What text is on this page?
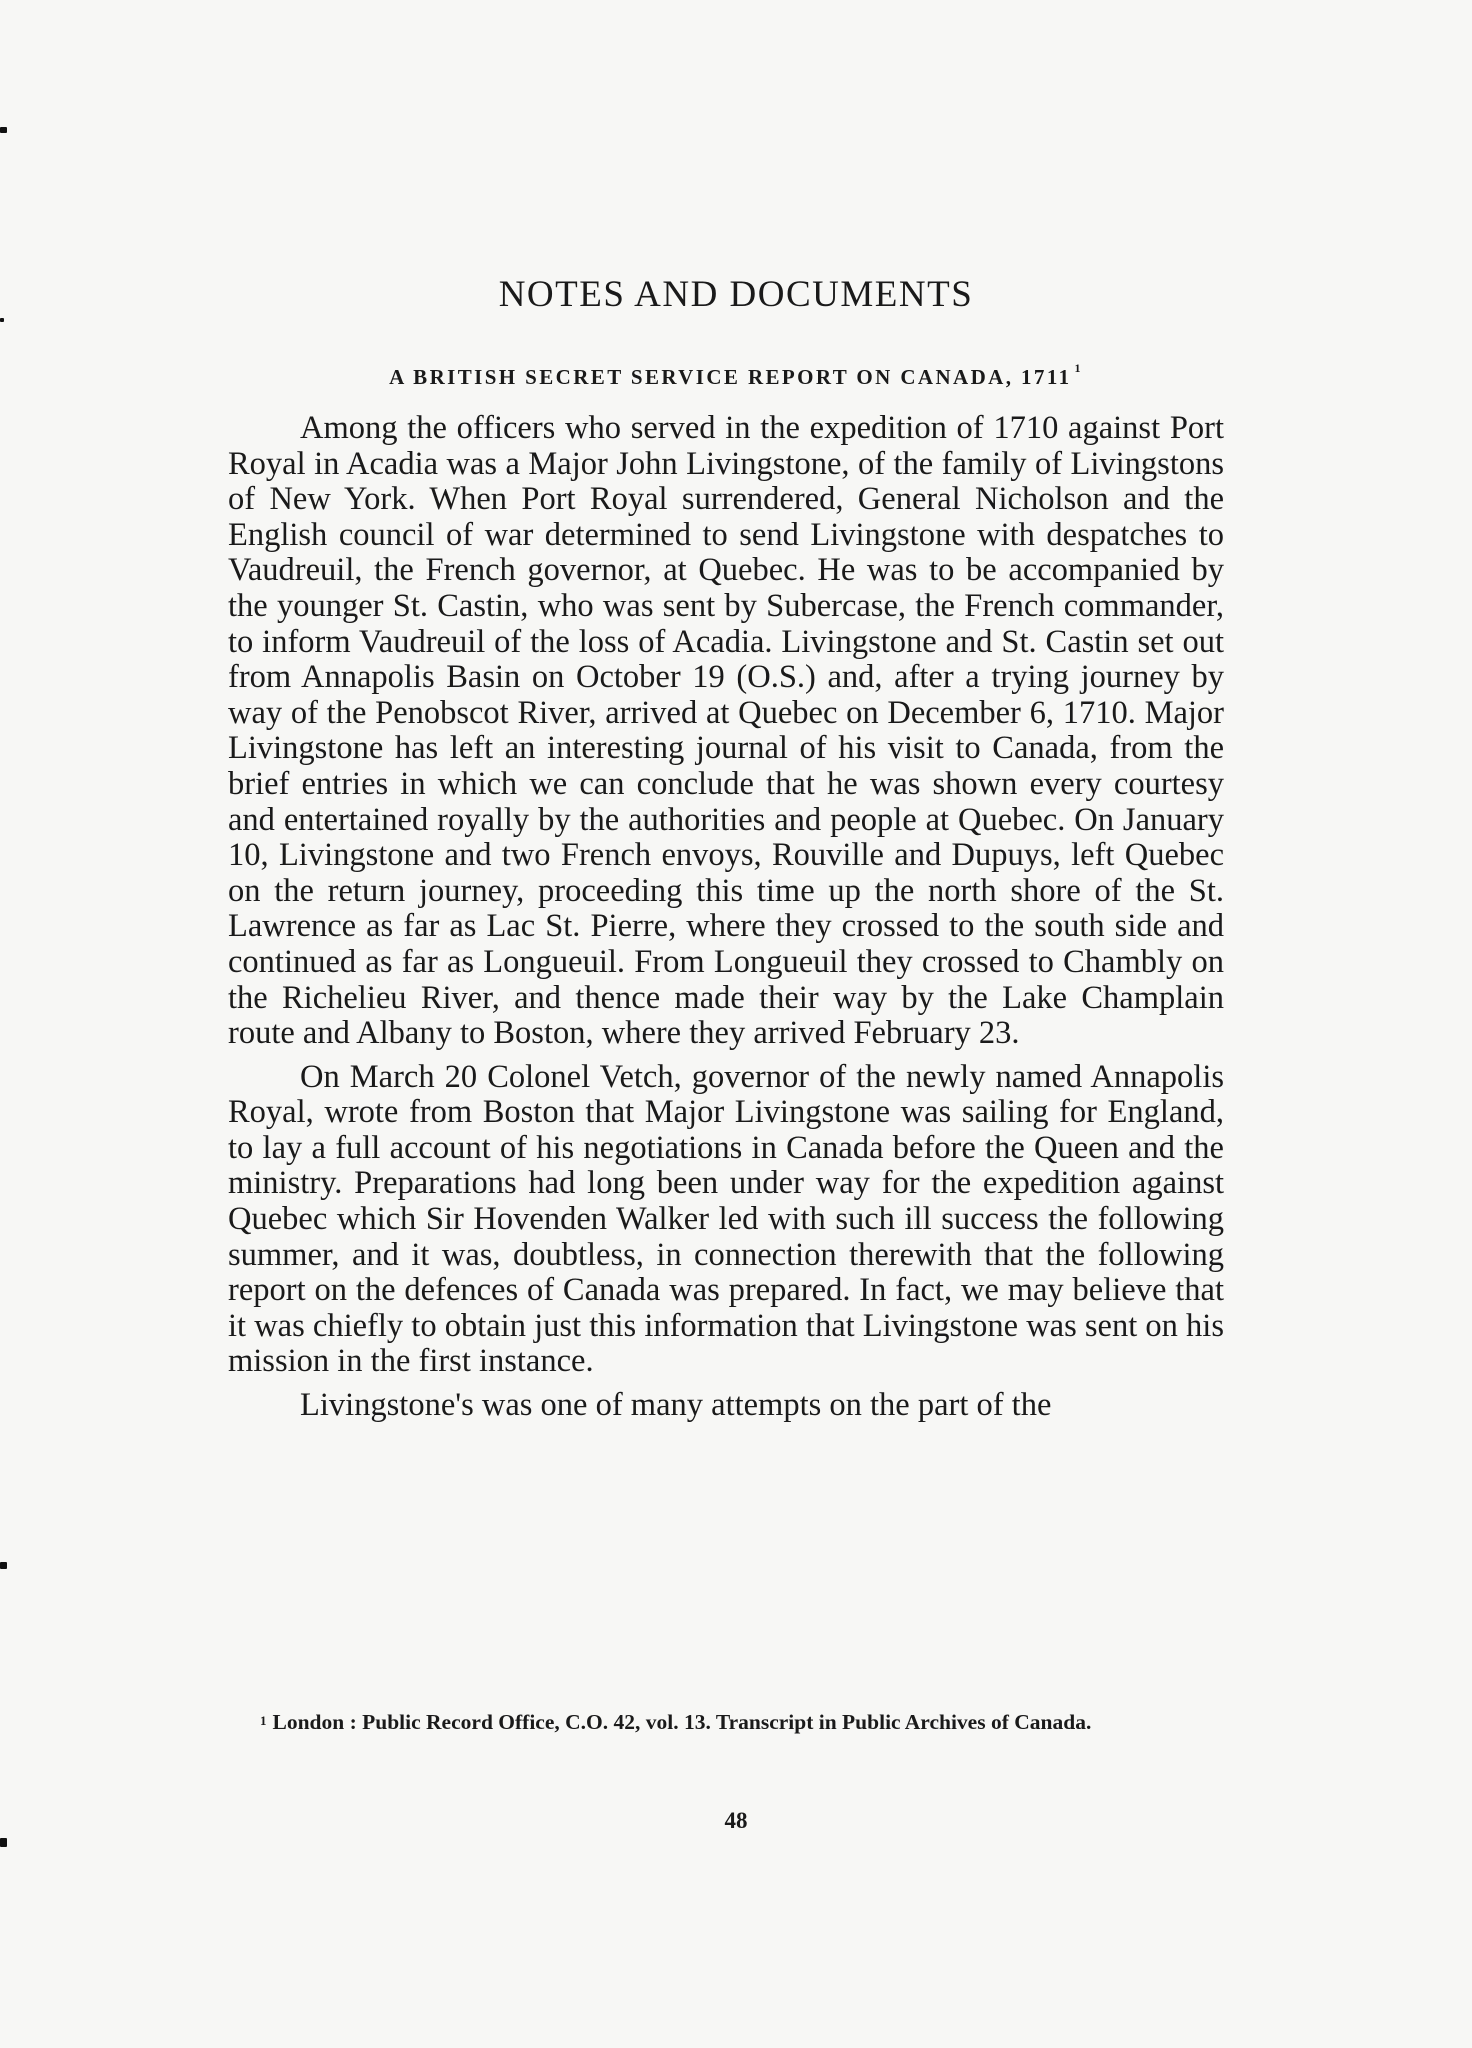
NOTES AND DOCUMENTS
A BRITISH SECRET SERVICE REPORT ON CANADA, 1711 $^1$

Among the officers who served in the expedition of 1710 against Port Royal in Acadia was a Major John Livingstone, of the family of Livingstons of New York. When Port Royal surrendered, General Nicholson and the English council of war determined to send Livingstone with despatches to Vaudreuil, the French governor, at Quebec. He was to be accompanied by the younger St. Castin, who was sent by Subercase, the French commander, to inform Vaudreuil of the loss of Acadia. Livingstone and St. Castin set out from Annapolis Basin on October 19 (O.S.) and, after a trying journey by way of the Penobscot River, arrived at Quebec on December 6, 1710. Major Livingstone has left an interesting journal of his visit to Canada, from the brief entries in which we can conclude that he was shown every courtesy and entertained royally by the authorities and people at Quebec. On January 10, Livingstone and two French envoys, Rouville and Dupuys, left Quebec on the return journey, proceeding this time up the north shore of the St. Lawrence as far as Lac St. Pierre, where they crossed to the south side and continued as far as Longueuil. From Longueuil they crossed to Chambly on the Richelieu River, and thence made their way by the Lake Champlain route and Albany to Boston, where they arrived February 23.

On March 20 Colonel Vetch, governor of the newly named Annapolis Royal, wrote from Boston that Major Livingstone was sailing for England, to lay a full account of his negotiations in Canada before the Queen and the ministry. Preparations had long been under way for the expedition against Quebec which Sir Hovenden Walker led with such ill success the following summer, and it was, doubtless, in connection therewith that the following report on the defences of Canada was prepared. In fact, we may believe that it was chiefly to obtain just this information that Livingstone was sent on his mission in the first instance.

Livingstone's was one of many attempts on the part of the

$^1$ London : Public Record Office, C.O. 42, vol. 13. Transcript in Public Archives of Canada.
48
